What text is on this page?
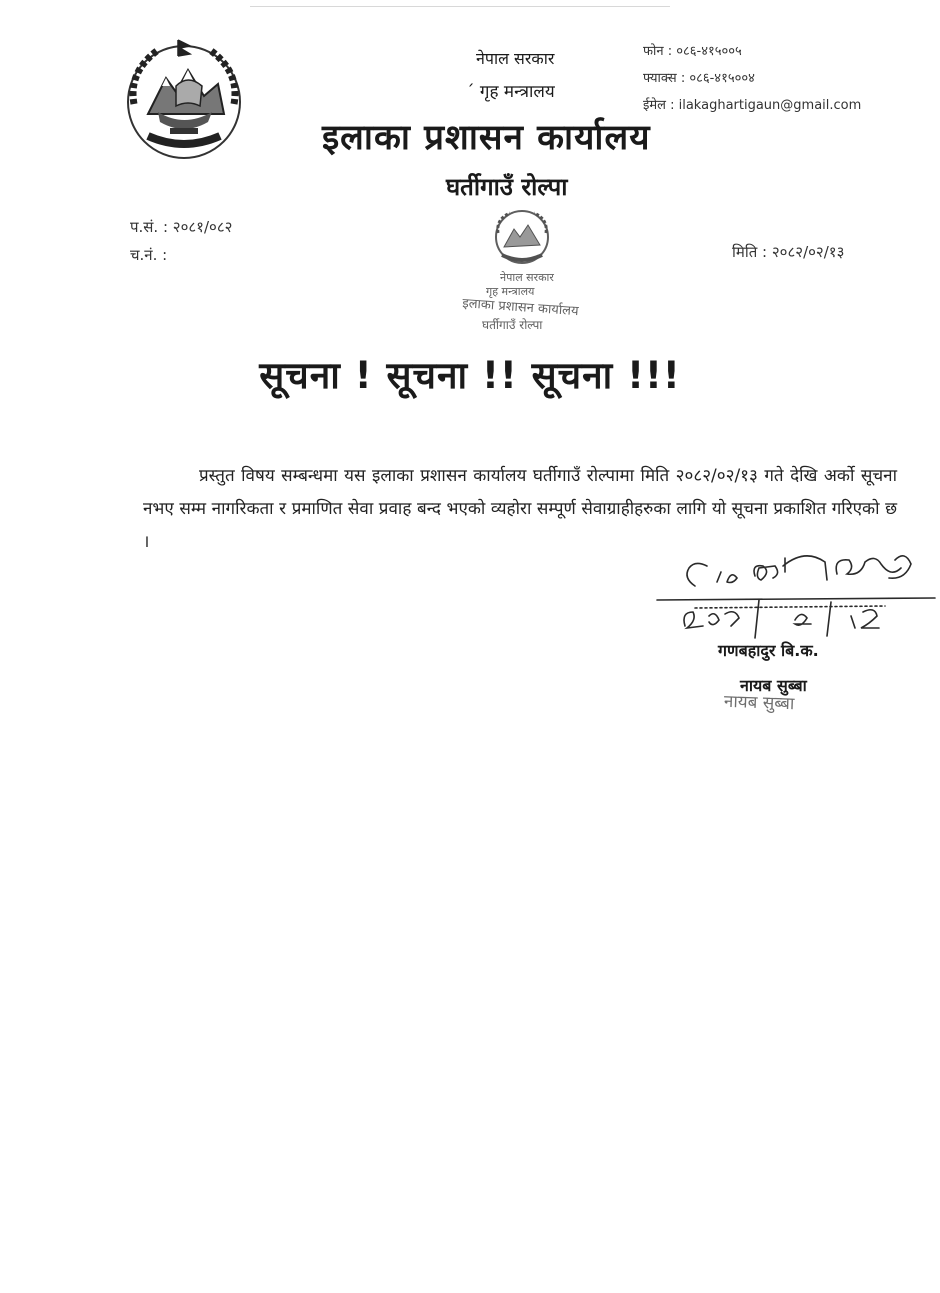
नेपाल सरकार
´ गृह मन्त्रालय
फोन : ०८६-४१५००५
फ्याक्स : ०८६-४१५००४
ईमेल : ilakaghartigaun@gmail.com
इलाका प्रशासन कार्यालय
घर्तीगाउँ रोल्पा
प.सं. : २०८१/०८२
च.नं. :	मिति : २०८२/०२/१३
नेपाल सरकार
गृह मन्त्रालय
इलाका प्रशासन कार्यालय
घर्तीगाउँ रोल्पा
सूचना ! सूचना !! सूचना !!!
प्रस्तुत विषय सम्बन्धमा यस इलाका प्रशासन कार्यालय घर्तीगाउँ रोल्पामा मिति २०८२/०२/१३ गते देखि अर्को सूचना नभए सम्म नागरिकता र प्रमाणित सेवा प्रवाह बन्द भएको व्यहोरा सम्पूर्ण सेवाग्राहीहरुका लागि यो सूचना प्रकाशित गरिएको छ ।
गणबहादुर बि.क.
नायब सुब्बा
नायब सुब्बा
